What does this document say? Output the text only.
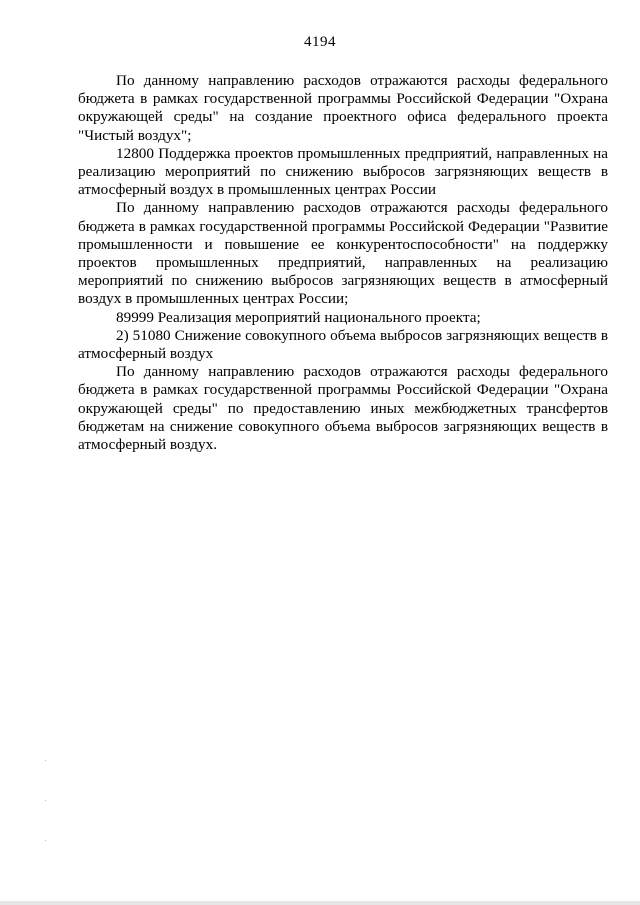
4194

По данному направлению расходов отражаются расходы федерального бюджета в рамках государственной программы Российской Федерации "Охрана окружающей среды" на создание проектного офиса федерального проекта "Чистый воздух";

12800 Поддержка проектов промышленных предприятий, направленных на реализацию мероприятий по снижению выбросов загрязняющих веществ в атмосферный воздух в промышленных центрах России

По данному направлению расходов отражаются расходы федерального бюджета в рамках государственной программы Российской Федерации "Развитие промышленности и повышение ее конкурентоспособности" на поддержку проектов промышленных предприятий, направленных на реализацию мероприятий по снижению выбросов загрязняющих веществ в атмосферный воздух в промышленных центрах России;

89999 Реализация мероприятий национального проекта;

2) 51080 Снижение совокупного объема выбросов загрязняющих веществ в атмосферный воздух

По данному направлению расходов отражаются расходы федерального бюджета в рамках государственной программы Российской Федерации "Охрана окружающей среды" по предоставлению иных межбюджетных трансфертов бюджетам на снижение совокупного объема выбросов загрязняющих веществ в атмосферный воздух.
